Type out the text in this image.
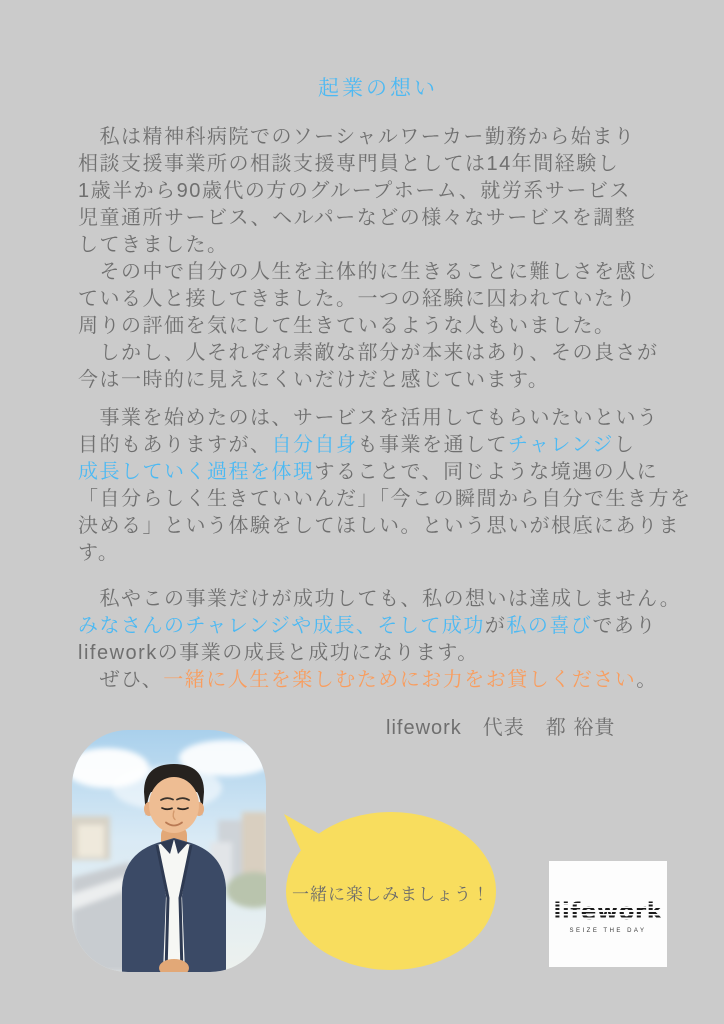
起業の想い
　私は精神科病院でのソーシャルワーカー勤務から始まり
相談支援事業所の相談支援専門員としては14年間経験し
1歳半から90歳代の方のグループホーム、就労系サービス
児童通所サービス、ヘルパーなどの様々なサービスを調整
してきました。
　その中で自分の人生を主体的に生きることに難しさを感じ
ている人と接してきました。一つの経験に囚われていたり
周りの評価を気にして生きているような人もいました。
　しかし、人それぞれ素敵な部分が本来はあり、その良さが
今は一時的に見えにくいだけだと感じています。
　事業を始めたのは、サービスを活用してもらいたいという
目的もありますが、自分自身も事業を通してチャレンジし
成長していく過程を体現することで、同じような境遇の人に
「自分らしく生きていいんだ」「今この瞬間から自分で生き方を
決める」という体験をしてほしい。という思いが根底にありま
す。
　私やこの事業だけが成功しても、私の想いは達成しません。
みなさんのチャレンジや成長、そして成功が私の喜びであり
lifeworkの事業の成長と成功になります。
　ぜひ、一緒に人生を楽しむためにお力をお貸しください。
lifework　代表　都 裕貴
一緒に楽しみましょう！
lifework
SEIZE THE DAY
